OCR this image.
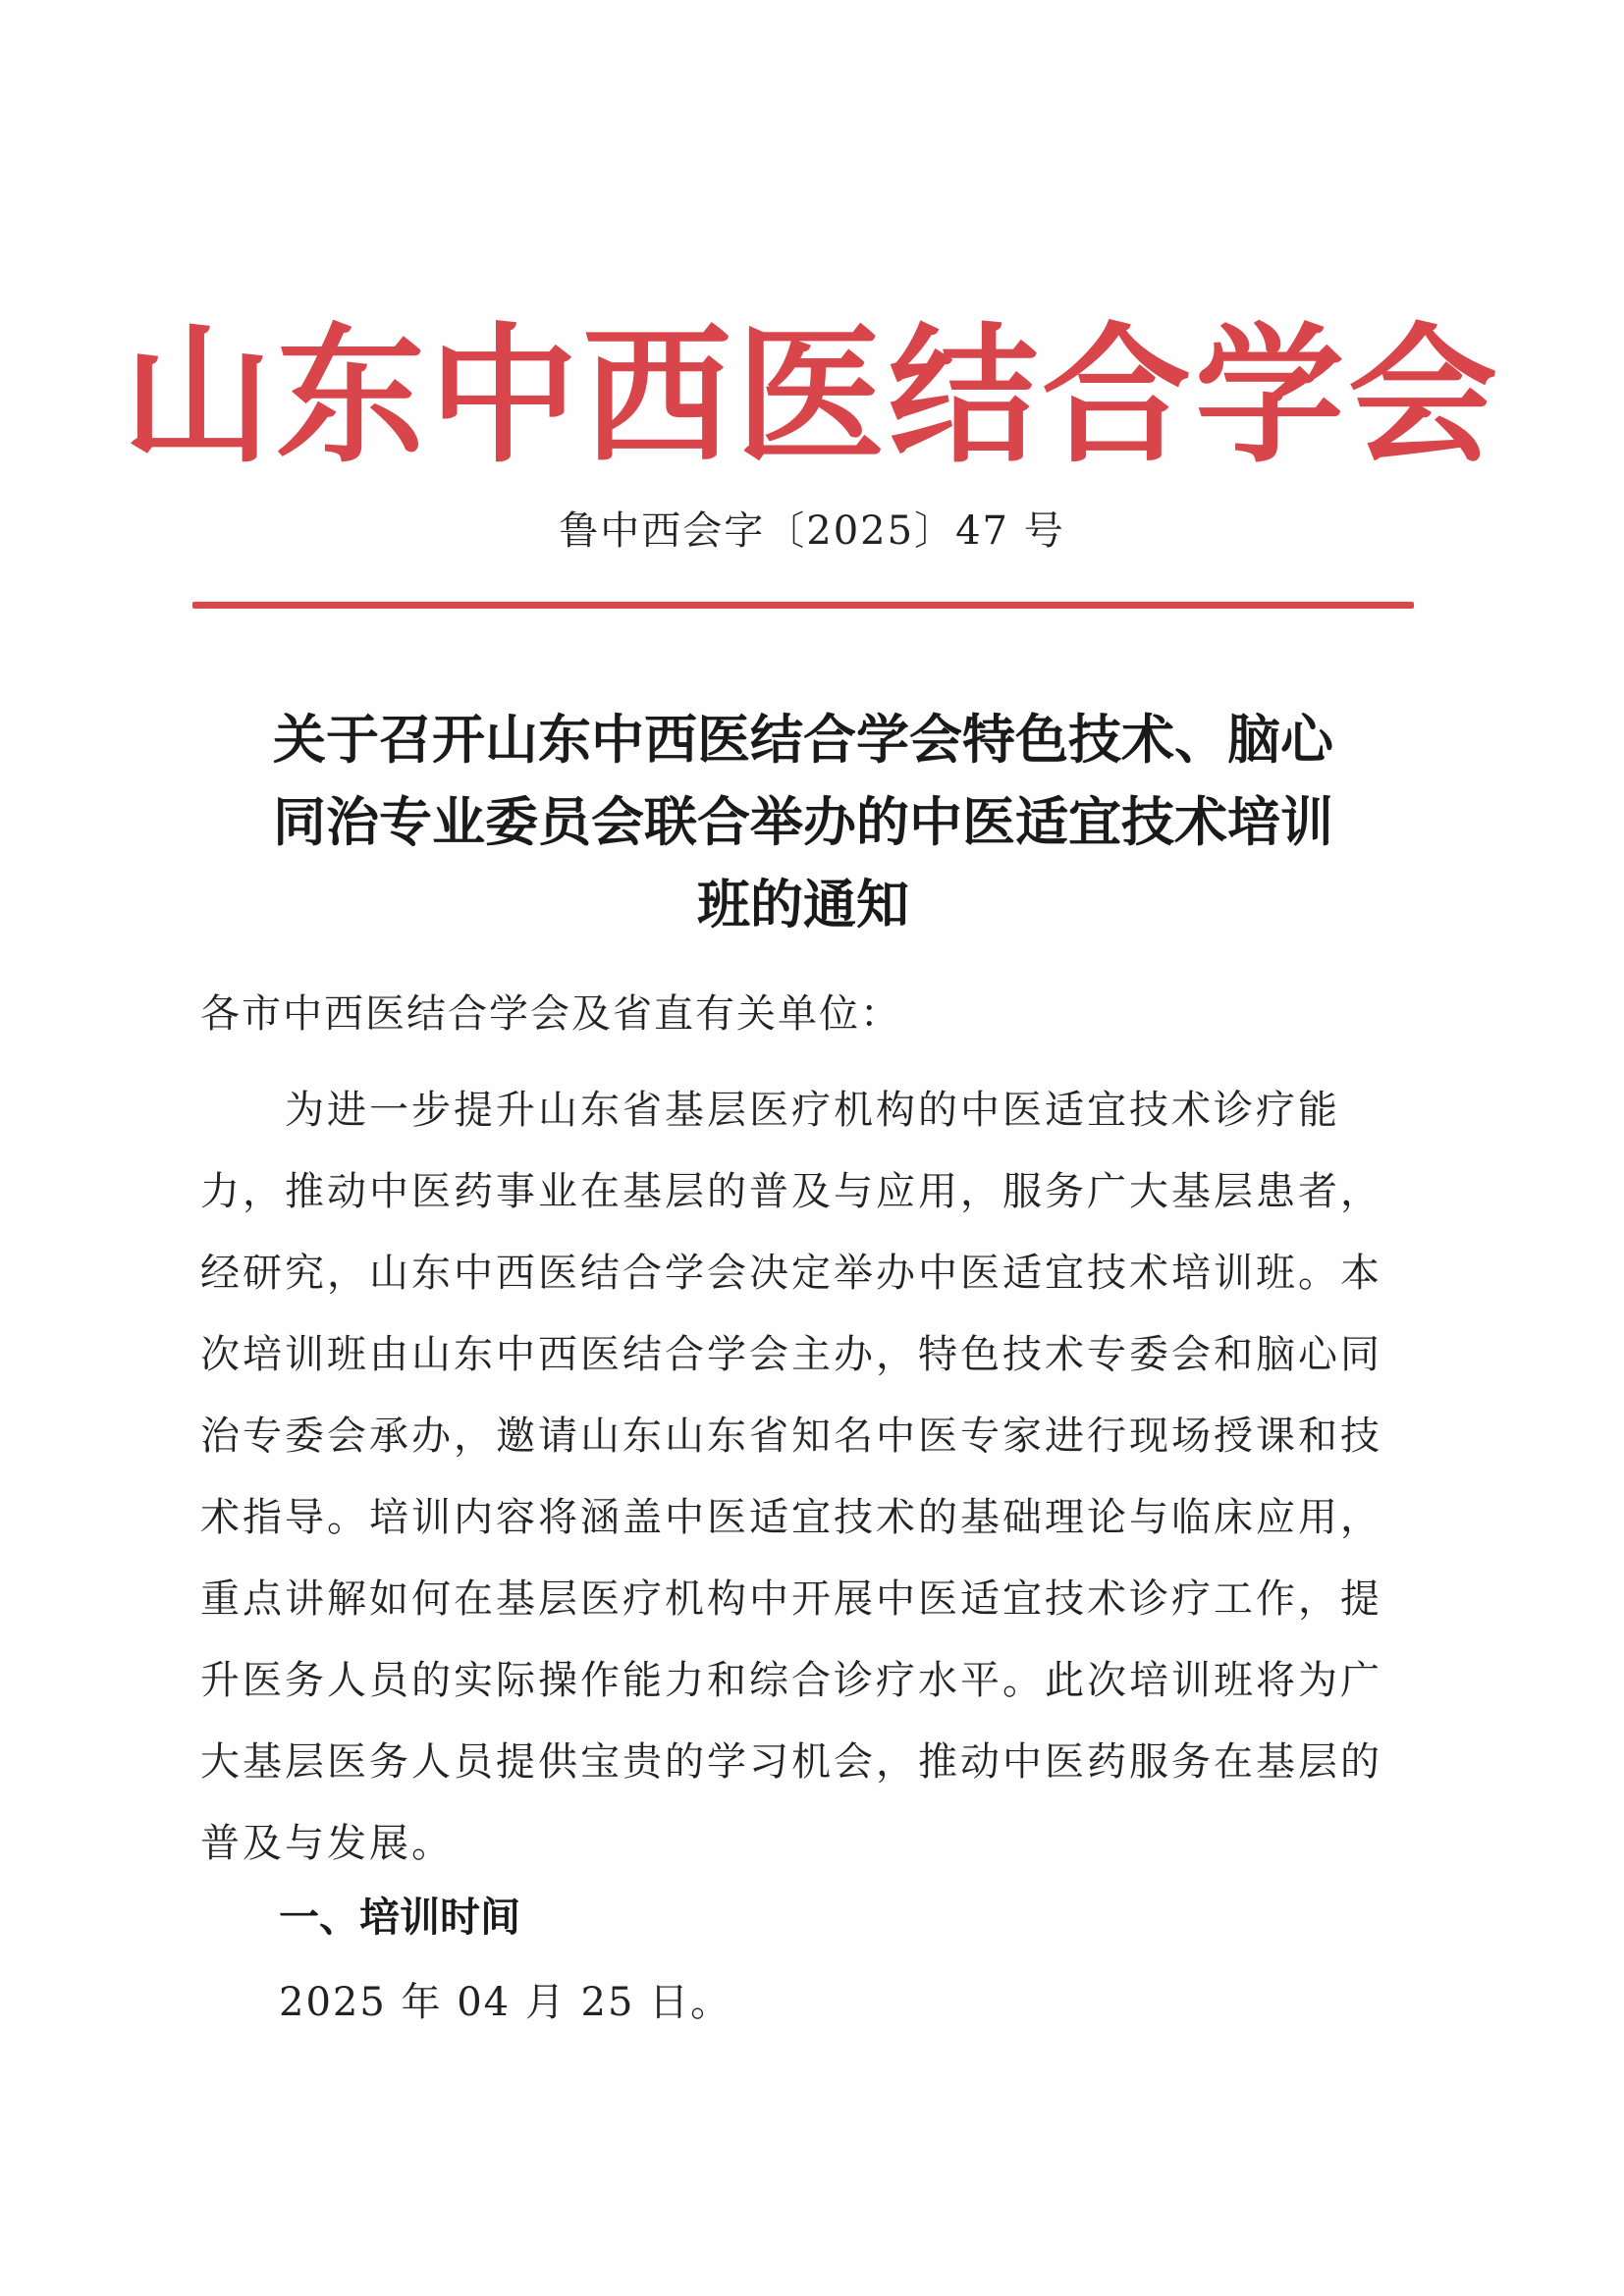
山东中西医结合学会
鲁中西会字〔2025〕47 号
关于召开山东中西医结合学会特色技术、脑心
同治专业委员会联合举办的中医适宜技术培训
班的通知
各市中西医结合学会及省直有关单位：
　　为进一步提升山东省基层医疗机构的中医适宜技术诊疗能
力，推动中医药事业在基层的普及与应用，服务广大基层患者，
经研究，山东中西医结合学会决定举办中医适宜技术培训班。本
次培训班由山东中西医结合学会主办，特色技术专委会和脑心同
治专委会承办，邀请山东山东省知名中医专家进行现场授课和技
术指导。培训内容将涵盖中医适宜技术的基础理论与临床应用，
重点讲解如何在基层医疗机构中开展中医适宜技术诊疗工作，提
升医务人员的实际操作能力和综合诊疗水平。此次培训班将为广
大基层医务人员提供宝贵的学习机会，推动中医药服务在基层的
普及与发展。
一、培训时间
2025 年 04 月 25 日。
